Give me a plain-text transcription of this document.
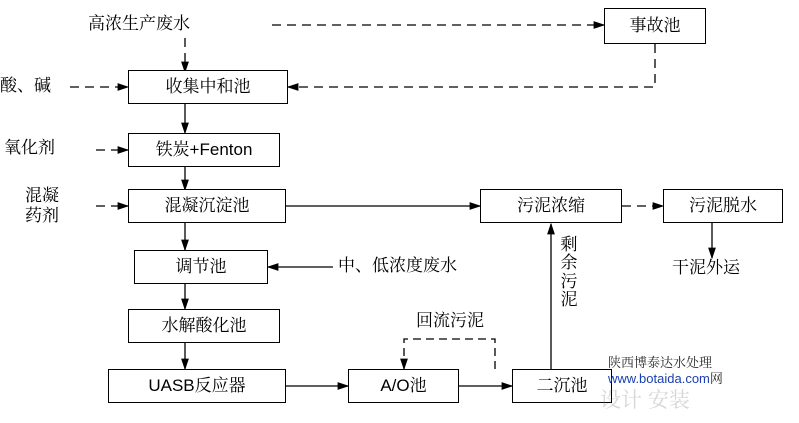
事故池
收集中和池
铁炭+Fenton
混凝沉淀池	污泥浓缩	污泥脱水
调节池
水解酸化池
UASB反应器	A/O池	二沉池
高浓生产废水
酸、碱
氧化剂
混凝
药剂
中、低浓度废水
剩
余
污
泥
回流污泥
干泥外运
设计 安装
陕西博泰达水处理
www.botaida.com网
